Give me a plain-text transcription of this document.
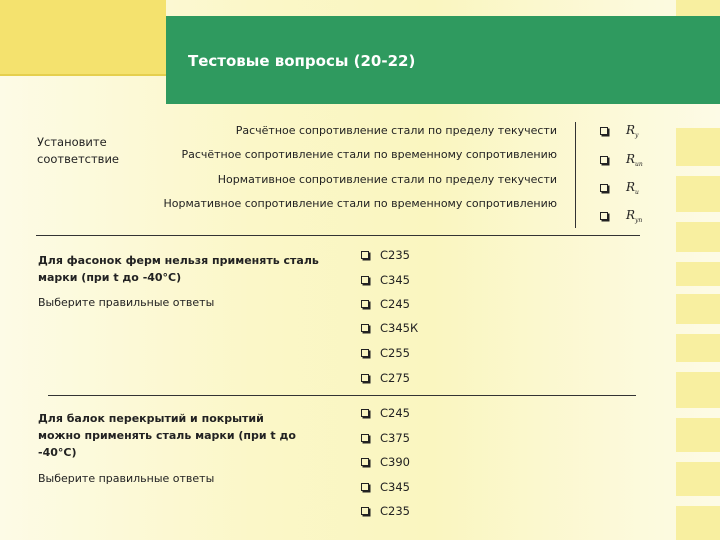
Тестовые вопросы (20-22)
Установите соответствие
Расчётное сопротивление стали по пределу текучести
Расчётное сопротивление стали по временному сопротивлению
Нормативное сопротивление стали по пределу текучести
Нормативное сопротивление стали по временному сопротивлению
$R_y$
$R_{un}$
$R_u$
$R_{yn}$
Для фасонок ферм нельзя применять сталь марки (при t до -40°С)
Выберите правильные ответы
С235
С345
С245
С345К
С255
С275
Для балок перекрытий и покрытий можно применять сталь марки (при t до -40°С)
Выберите правильные ответы
С245
С375
С390
С345
С235
